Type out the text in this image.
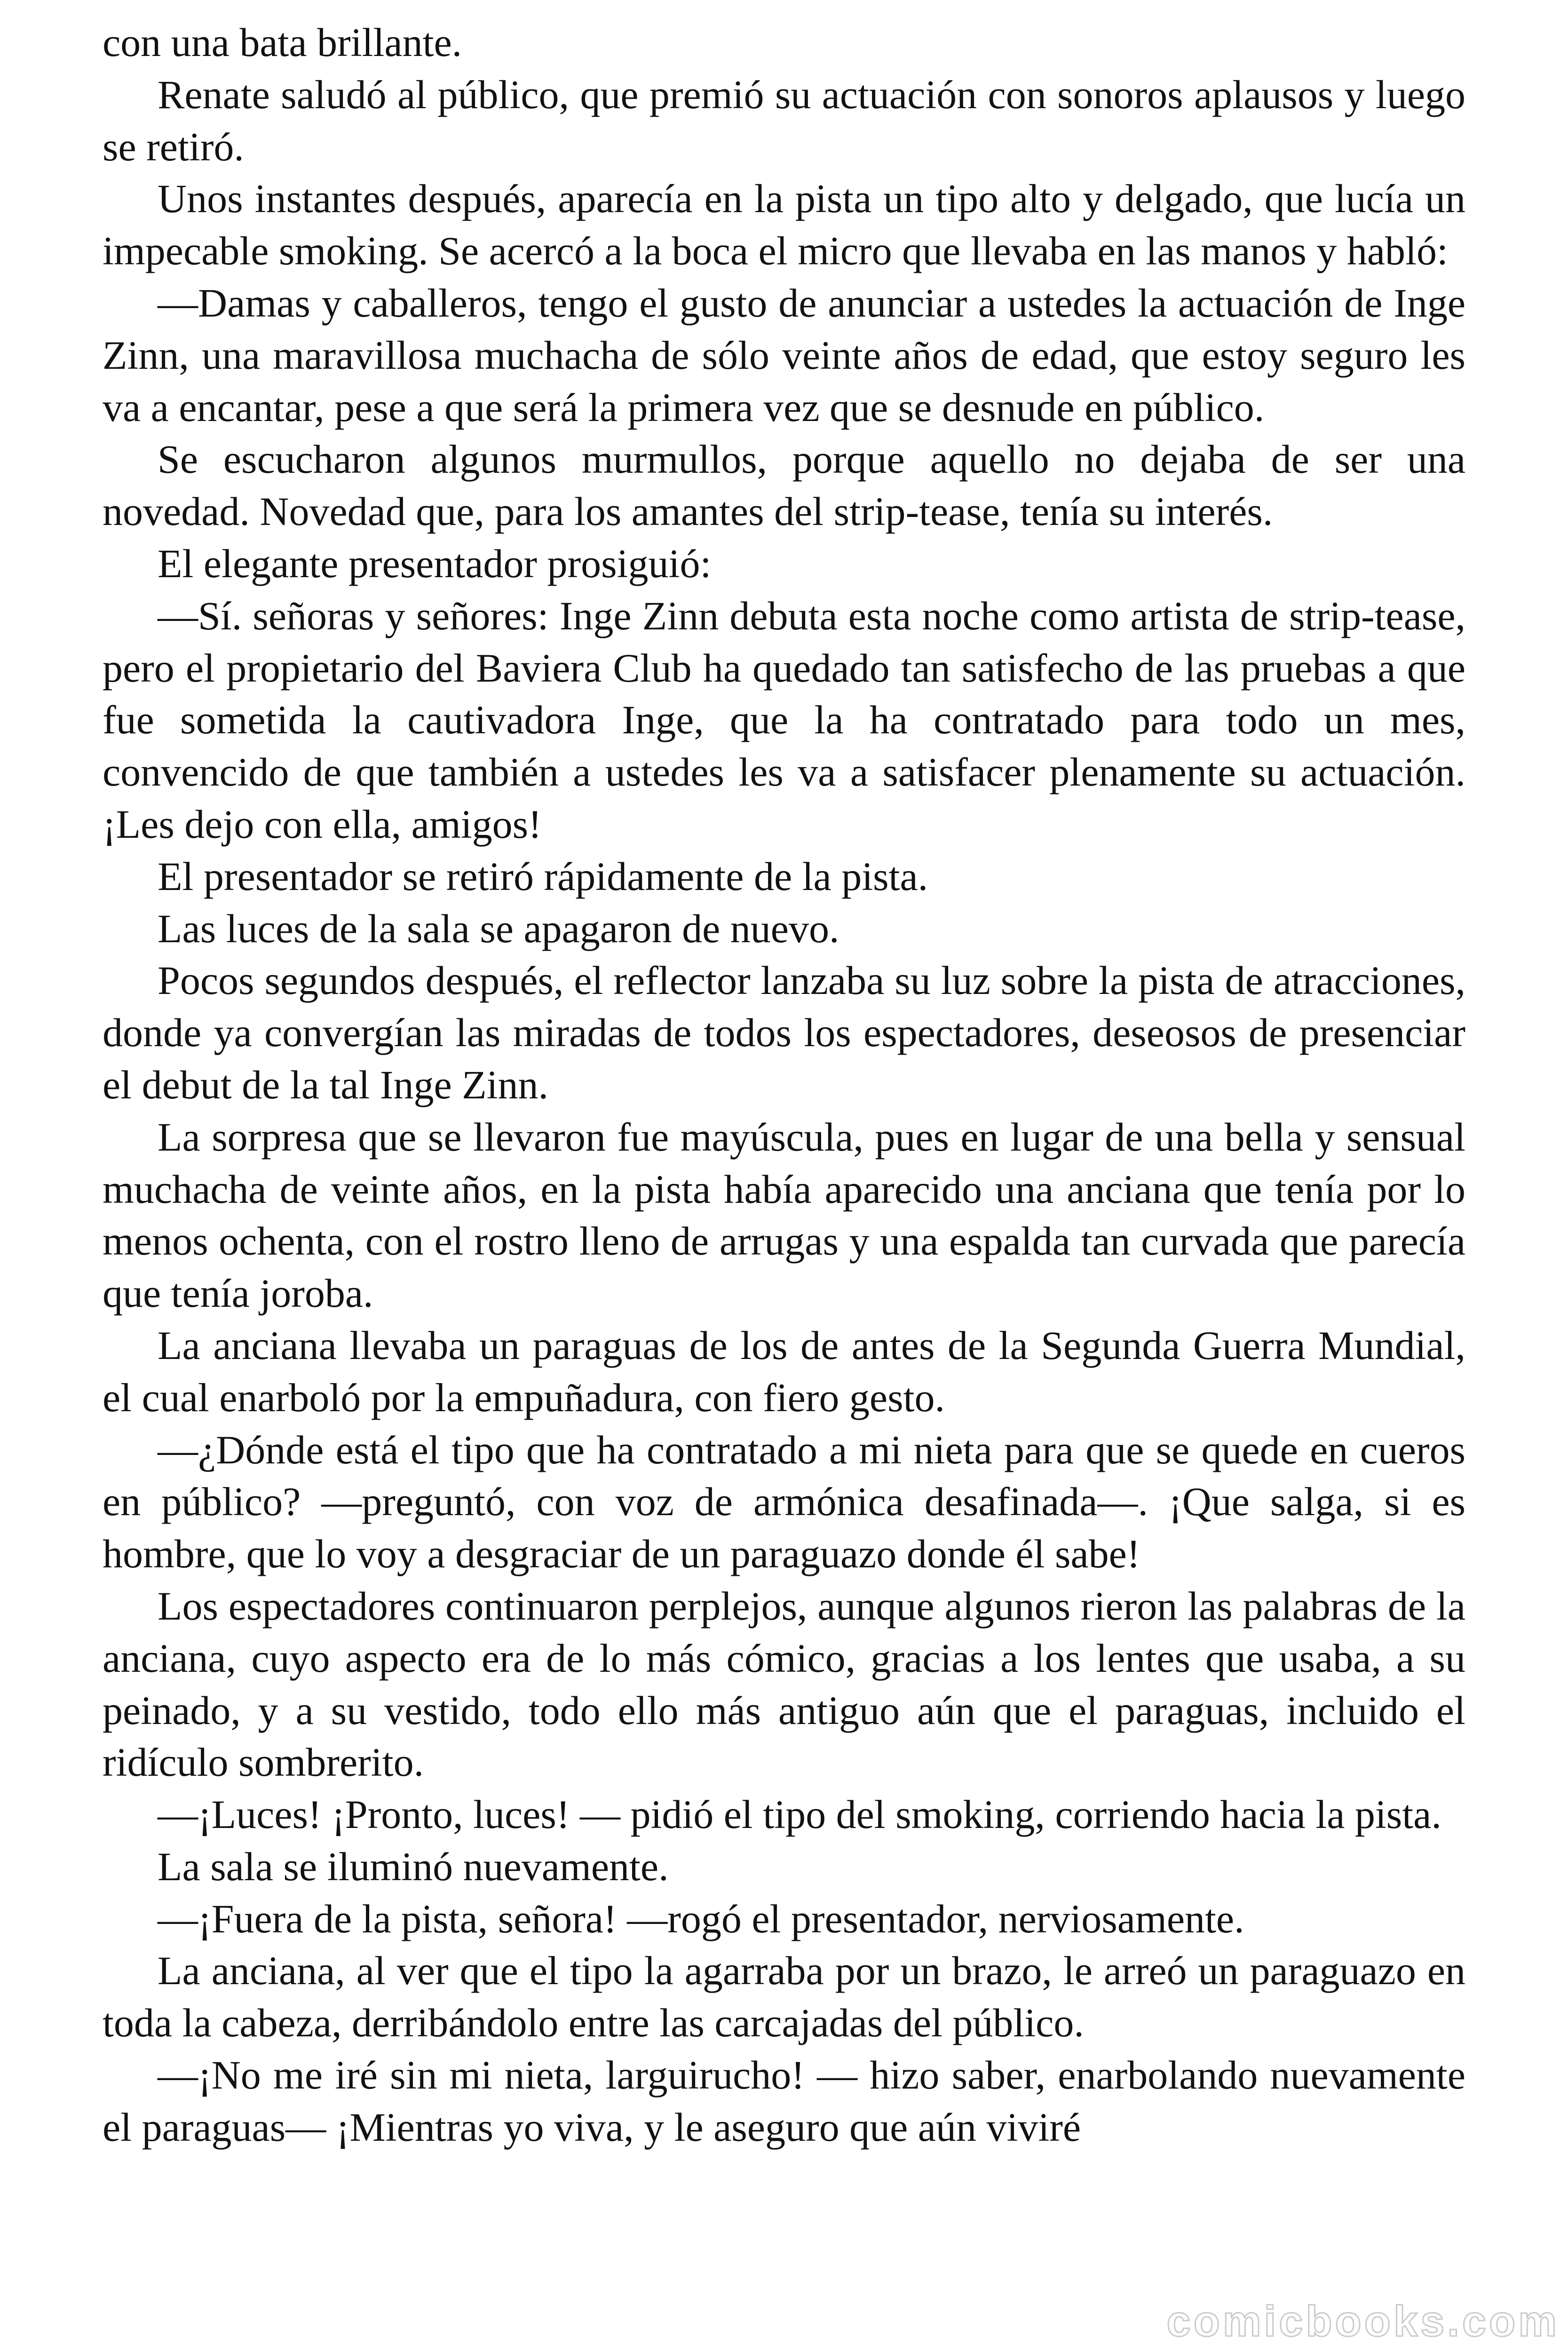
con una bata brillante.

Renate saludó al público, que premió su actuación con sonoros aplausos y luego se retiró.

Unos instantes después, aparecía en la pista un tipo alto y delgado, que lucía un impecable smoking. Se acercó a la boca el micro que llevaba en las manos y habló:

—Damas y caballeros, tengo el gusto de anunciar a ustedes la actuación de Inge Zinn, una maravillosa muchacha de sólo veinte años de edad, que estoy seguro les va a encantar, pese a que será la primera vez que se desnude en público.

Se escucharon algunos murmullos, porque aquello no dejaba de ser una novedad. Novedad que, para los amantes del strip-tease, tenía su interés.

El elegante presentador prosiguió:

—Sí. señoras y señores: Inge Zinn debuta esta noche como artista de strip-tease, pero el propietario del Baviera Club ha quedado tan satisfecho de las pruebas a que fue sometida la cautivadora Inge, que la ha contratado para todo un mes, convencido de que también a ustedes les va a satisfacer plenamente su actuación. ¡Les dejo con ella, amigos!

El presentador se retiró rápidamente de la pista.

Las luces de la sala se apagaron de nuevo.

Pocos segundos después, el reflector lanzaba su luz sobre la pista de atracciones, donde ya convergían las miradas de todos los espectadores, deseosos de presenciar el debut de la tal Inge Zinn.

La sorpresa que se llevaron fue mayúscula, pues en lugar de una bella y sensual muchacha de veinte años, en la pista había aparecido una anciana que tenía por lo menos ochenta, con el rostro lleno de arrugas y una espalda tan curvada que parecía que tenía joroba.

La anciana llevaba un paraguas de los de antes de la Segunda Guerra Mundial, el cual enarboló por la empuñadura, con fiero gesto.

—¿Dónde está el tipo que ha contratado a mi nieta para que se quede en cueros en público? —preguntó, con voz de armónica desafinada—. ¡Que salga, si es hombre, que lo voy a desgraciar de un paraguazo donde él sabe!

Los espectadores continuaron perplejos, aunque algunos rieron las palabras de la anciana, cuyo aspecto era de lo más cómico, gracias a los lentes que usaba, a su peinado, y a su vestido, todo ello más antiguo aún que el paraguas, incluido el ridículo sombrerito.

—¡Luces! ¡Pronto, luces! — pidió el tipo del smoking, corriendo hacia la pista.

La sala se iluminó nuevamente.

—¡Fuera de la pista, señora! —rogó el presentador, nerviosamente.

La anciana, al ver que el tipo la agarraba por un brazo, le arreó un paraguazo en toda la cabeza, derribándolo entre las carcajadas del público.

—¡No me iré sin mi nieta, larguirucho! — hizo saber, enarbolando nuevamente el paraguas— ¡Mientras yo viva, y le aseguro que aún viviré

comicbooks.com
